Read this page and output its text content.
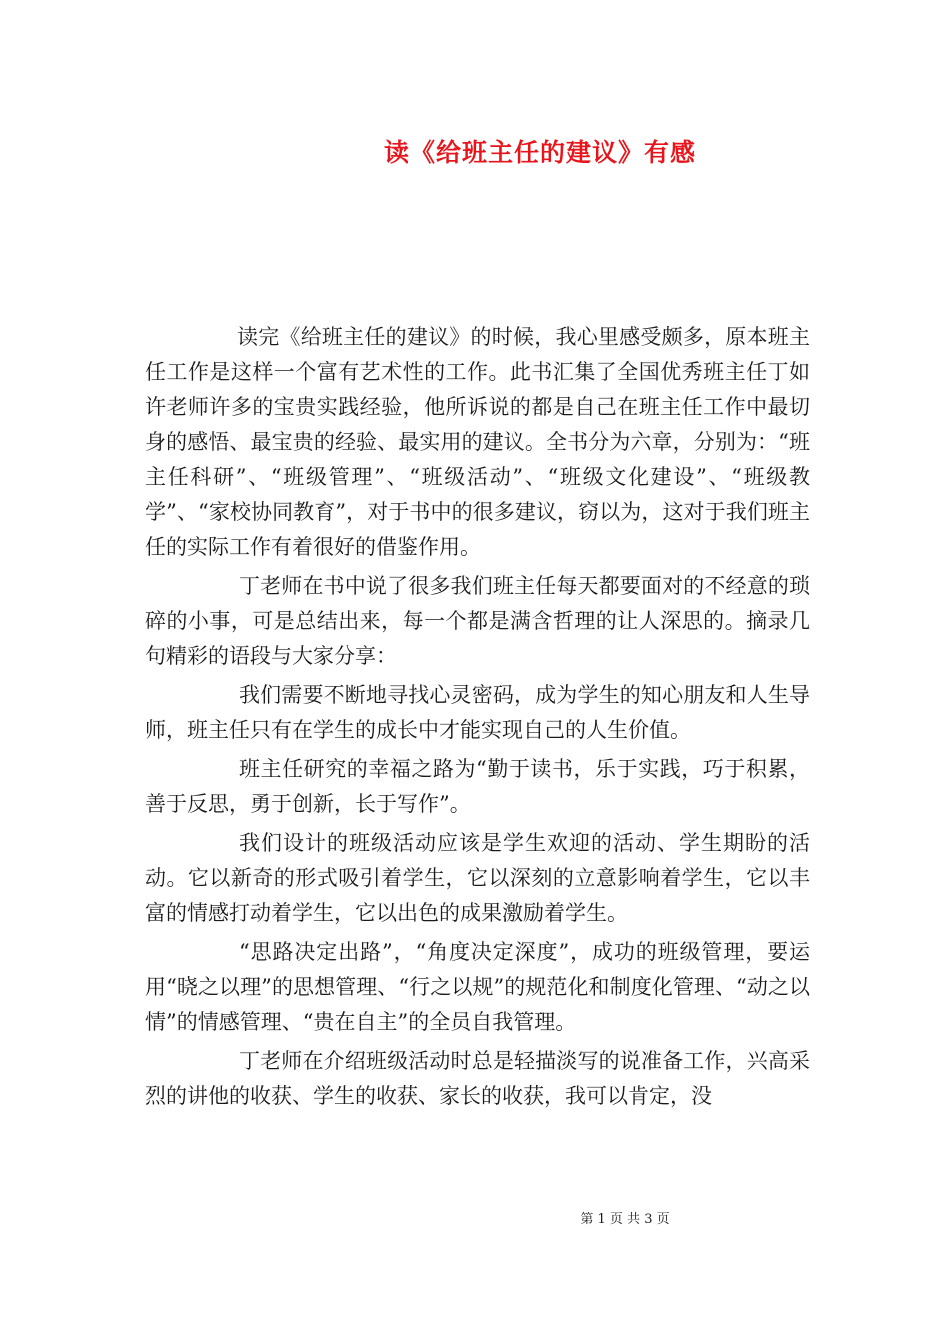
读《给班主任的建议》有感

读完《给班主任的建议》的时候，我心里感受颇多，原本班主任工作是这样一个富有艺术性的工作。此书汇集了全国优秀班主任丁如许老师许多的宝贵实践经验，他所诉说的都是自己在班主任工作中最切身的感悟、最宝贵的经验、最实用的建议。全书分为六章，分别为：“班主任科研”、“班级管理”、“班级活动”、“班级文化建设”、“班级教学”、“家校协同教育”，对于书中的很多建议，窃以为，这对于我们班主任的实际工作有着很好的借鉴作用。

丁老师在书中说了很多我们班主任每天都要面对的不经意的琐碎的小事，可是总结出来，每一个都是满含哲理的让人深思的。摘录几句精彩的语段与大家分享：

我们需要不断地寻找心灵密码，成为学生的知心朋友和人生导师，班主任只有在学生的成长中才能实现自己的人生价值。

班主任研究的幸福之路为“勤于读书，乐于实践，巧于积累，善于反思，勇于创新，长于写作”。

我们设计的班级活动应该是学生欢迎的活动、学生期盼的活动。它以新奇的形式吸引着学生，它以深刻的立意影响着学生，它以丰富的情感打动着学生，它以出色的成果激励着学生。

“思路决定出路”，“角度决定深度”，成功的班级管理，要运用“晓之以理”的思想管理、“行之以规”的规范化和制度化管理、“动之以情”的情感管理、“贵在自主”的全员自我管理。

丁老师在介绍班级活动时总是轻描淡写的说准备工作，兴高采烈的讲他的收获、学生的收获、家长的收获，我可以肯定，没

第 1 页 共 3 页
